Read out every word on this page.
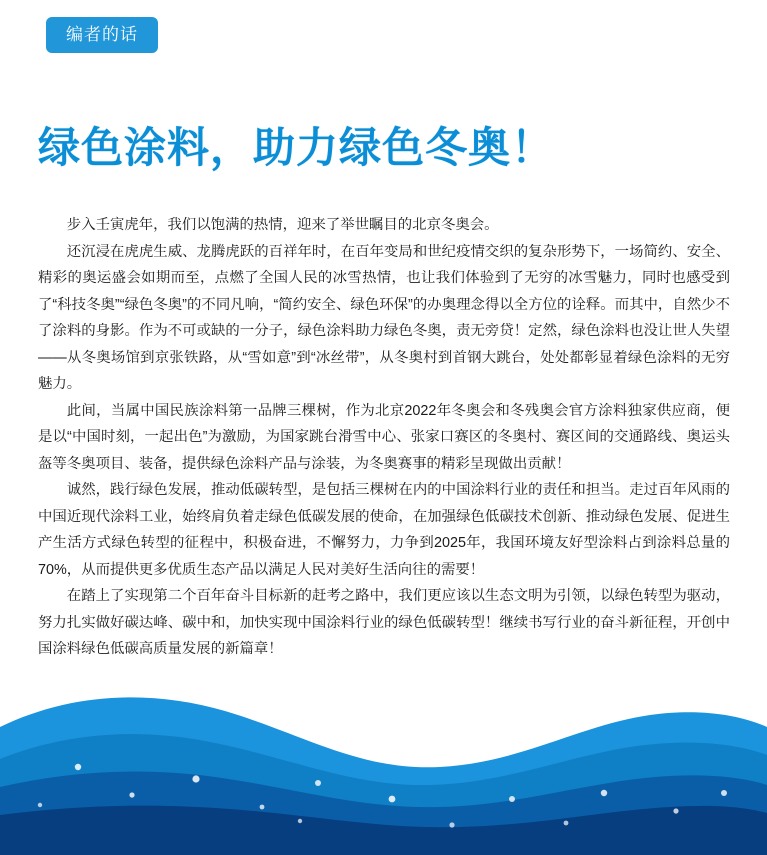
编者的话
绿色涂料，助力绿色冬奥！

步入壬寅虎年，我们以饱满的热情，迎来了举世瞩目的北京冬奥会。

还沉浸在虎虎生威、龙腾虎跃的百祥年时，在百年变局和世纪疫情交织的复杂形势下，一场简约、安全、精彩的奥运盛会如期而至，点燃了全国人民的冰雪热情，也让我们体验到了无穷的冰雪魅力，同时也感受到了“科技冬奥”“绿色冬奥”的不同凡响，“简约安全、绿色环保”的办奥理念得以全方位的诠释。而其中，自然少不了涂料的身影。作为不可或缺的一分子，绿色涂料助力绿色冬奥，责无旁贷！定然，绿色涂料也没让世人失望——从冬奥场馆到京张铁路，从“雪如意”到“冰丝带”，从冬奥村到首钢大跳台，处处都彰显着绿色涂料的无穷魅力。

此间，当属中国民族涂料第一品牌三棵树，作为北京2022年冬奥会和冬残奥会官方涂料独家供应商，便是以“中国时刻，一起出色”为激励，为国家跳台滑雪中心、张家口赛区的冬奥村、赛区间的交通路线、奥运头盔等冬奥项目、装备，提供绿色涂料产品与涂装，为冬奥赛事的精彩呈现做出贡献！

诚然，践行绿色发展，推动低碳转型，是包括三棵树在内的中国涂料行业的责任和担当。走过百年风雨的中国近现代涂料工业，始终肩负着走绿色低碳发展的使命，在加强绿色低碳技术创新、推动绿色发展、促进生产生活方式绿色转型的征程中，积极奋进，不懈努力，力争到2025年，我国环境友好型涂料占到涂料总量的70%，从而提供更多优质生态产品以满足人民对美好生活向往的需要！

在踏上了实现第二个百年奋斗目标新的赶考之路中，我们更应该以生态文明为引领，以绿色转型为驱动，努力扎实做好碳达峰、碳中和，加快实现中国涂料行业的绿色低碳转型！继续书写行业的奋斗新征程，开创中国涂料绿色低碳高质量发展的新篇章！
